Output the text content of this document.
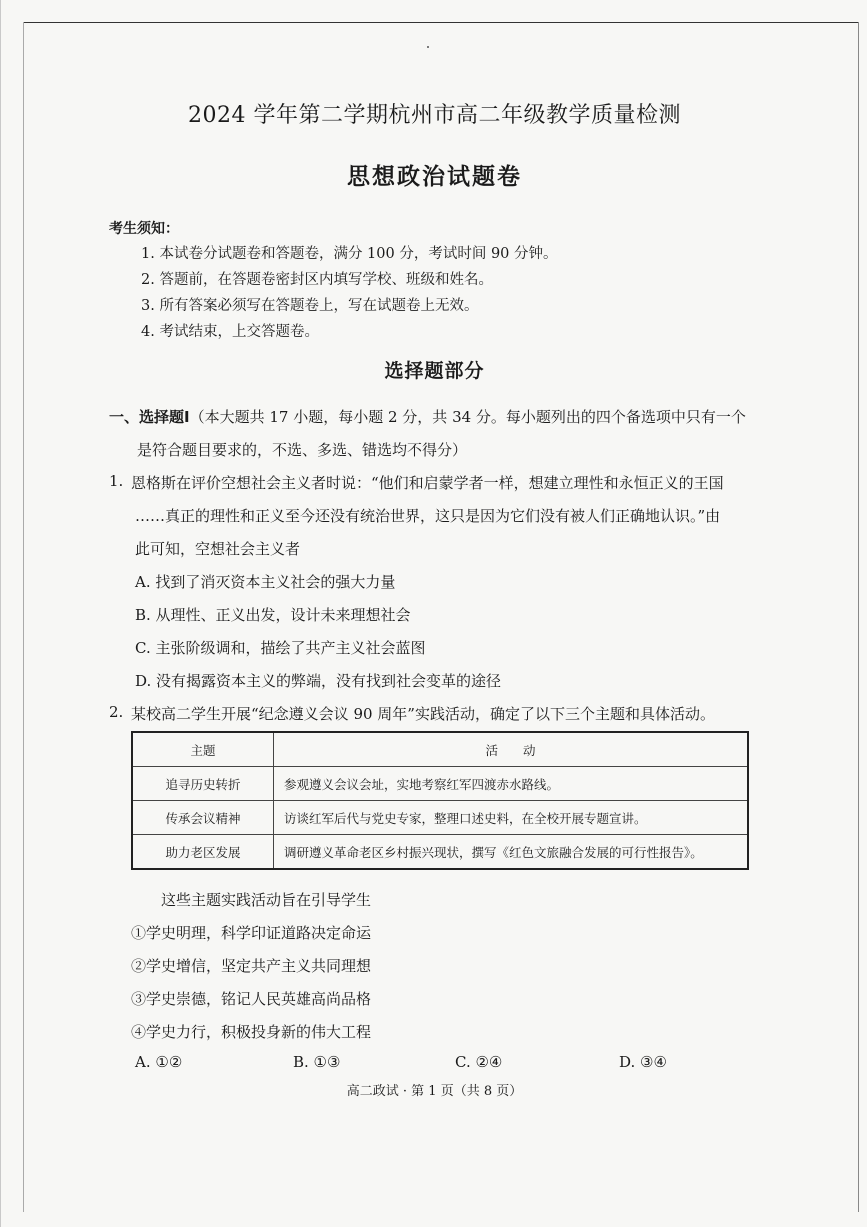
2024 学年第二学期杭州市高二年级教学质量检测
思想政治试题卷
考生须知：
1. 本试卷分试题卷和答题卷，满分 100 分，考试时间 90 分钟。
2. 答题前，在答题卷密封区内填写学校、班级和姓名。
3. 所有答案必须写在答题卷上，写在试题卷上无效。
4. 考试结束，上交答题卷。
选择题部分
一、选择题Ⅰ（本大题共 17 小题，每小题 2 分，共 34 分。每小题列出的四个备选项中只有一个
是符合题目要求的，不选、多选、错选均不得分）
1. 恩格斯在评价空想社会主义者时说：“他们和启蒙学者一样，想建立理性和永恒正义的王国
……真正的理性和正义至今还没有统治世界，这只是因为它们没有被人们正确地认识。”由
此可知，空想社会主义者
A. 找到了消灭资本主义社会的强大力量
B. 从理性、正义出发，设计未来理想社会
C. 主张阶级调和，描绘了共产主义社会蓝图
D. 没有揭露资本主义的弊端，没有找到社会变革的途径
2. 某校高二学生开展“纪念遵义会议 90 周年”实践活动，确定了以下三个主题和具体活动。
主题	活　　动
追寻历史转折	参观遵义会议会址，实地考察红军四渡赤水路线。
传承会议精神	访谈红军后代与党史专家，整理口述史料，在全校开展专题宣讲。
助力老区发展	调研遵义革命老区乡村振兴现状，撰写《红色文旅融合发展的可行性报告》。
这些主题实践活动旨在引导学生
①学史明理，科学印证道路决定命运
②学史增信，坚定共产主义共同理想
③学史崇德，铭记人民英雄高尚品格
④学史力行，积极投身新的伟大工程
A. ①②	B. ①③	C. ②④	D. ③④
高二政试 · 第 1 页（共 8 页）
